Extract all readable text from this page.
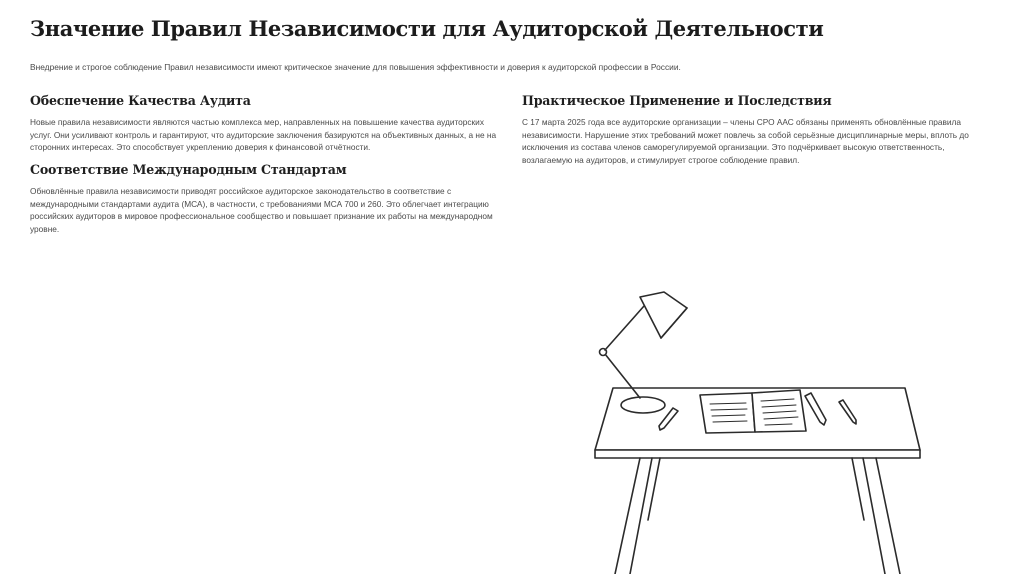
Значение Правил Независимости для Аудиторской Деятельности

Внедрение и строгое соблюдение Правил независимости имеют критическое значение для повышения эффективности и доверия к аудиторской профессии в России.

Обеспечение Качества Аудита

Новые правила независимости являются частью комплекса мер, направленных на повышение качества аудиторских услуг. Они усиливают контроль и гарантируют, что аудиторские заключения базируются на объективных данных, а не на сторонних интересах. Это способствует укреплению доверия к финансовой отчётности.

Соответствие Международным Стандартам

Обновлённые правила независимости приводят российское аудиторское законодательство в соответствие с международными стандартами аудита (МСА), в частности, с требованиями МСА 700 и 260. Это облегчает интеграцию российских аудиторов в мировое профессиональное сообщество и повышает признание их работы на международном уровне.

Практическое Применение и Последствия

С 17 марта 2025 года все аудиторские организации – члены СРО ААС обязаны применять обновлённые правила независимости. Нарушение этих требований может повлечь за собой серьёзные дисциплинарные меры, вплоть до исключения из состава членов саморегулируемой организации. Это подчёркивает высокую ответственность, возлагаемую на аудиторов, и стимулирует строгое соблюдение правил.
